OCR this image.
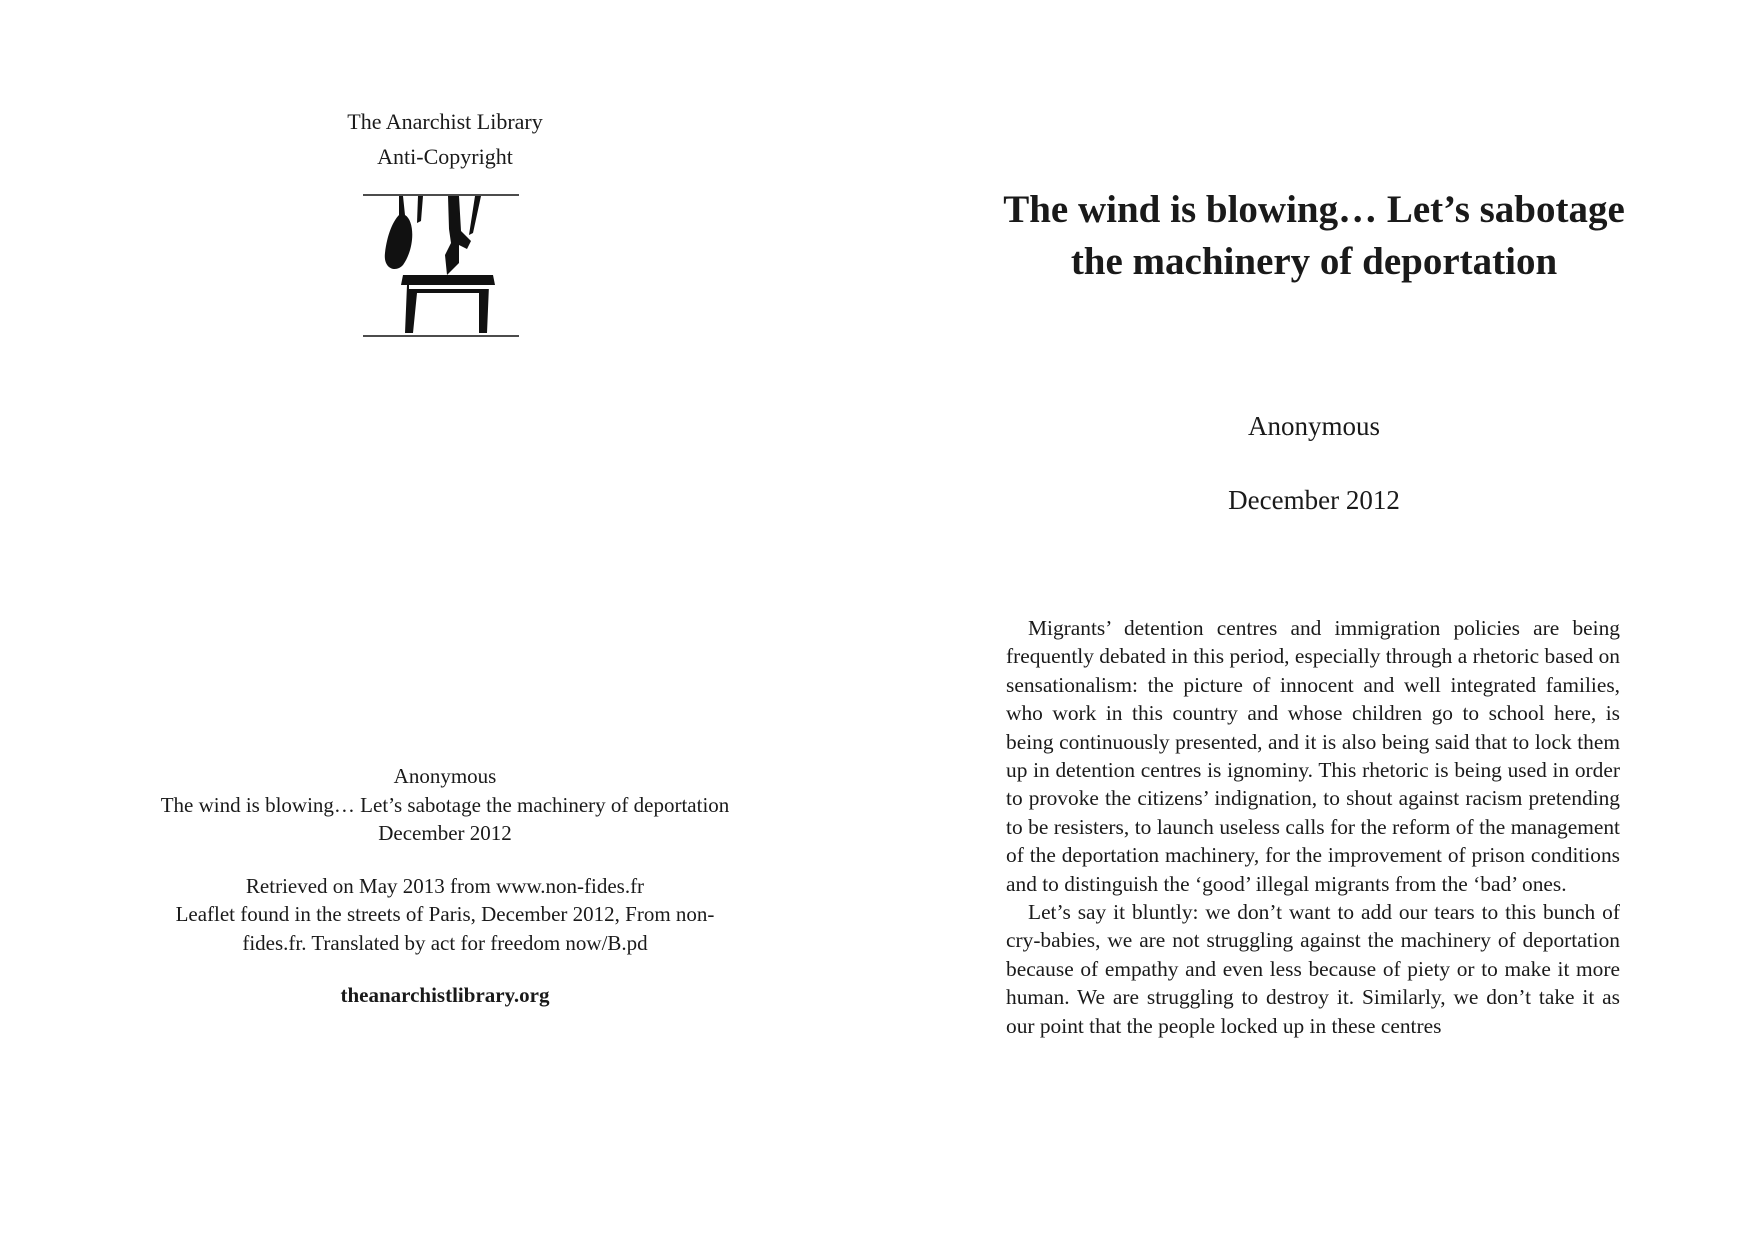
The Anarchist Library
Anti-Copyright

Anonymous

The wind is blowing… Let’s sabotage the machinery of deportation

December 2012

Retrieved on May 2013 from www.non-fides.fr

Leaflet found in the streets of Paris, December 2012, From non-fides.fr. Translated by act for freedom now/B.pd

theanarchistlibrary.org

The wind is blowing… Let’s sabotage the machinery of deportation
Anonymous
December 2012

Migrants’ detention centres and immigration policies are being frequently debated in this period, especially through a rhetoric based on sensationalism: the picture of innocent and well integrated families, who work in this country and whose children go to school here, is being continuously presented, and it is also being said that to lock them up in detention centres is ignominy. This rhetoric is being used in order to provoke the citizens’ indignation, to shout against racism pretending to be resisters, to launch useless calls for the reform of the management of the deportation machinery, for the improvement of prison conditions and to distinguish the ‘good’ illegal migrants from the ‘bad’ ones.

Let’s say it bluntly: we don’t want to add our tears to this bunch of cry-babies, we are not struggling against the machinery of deportation because of empathy and even less because of piety or to make it more human. We are struggling to destroy it. Similarly, we don’t take it as our point that the people locked up in these centres
